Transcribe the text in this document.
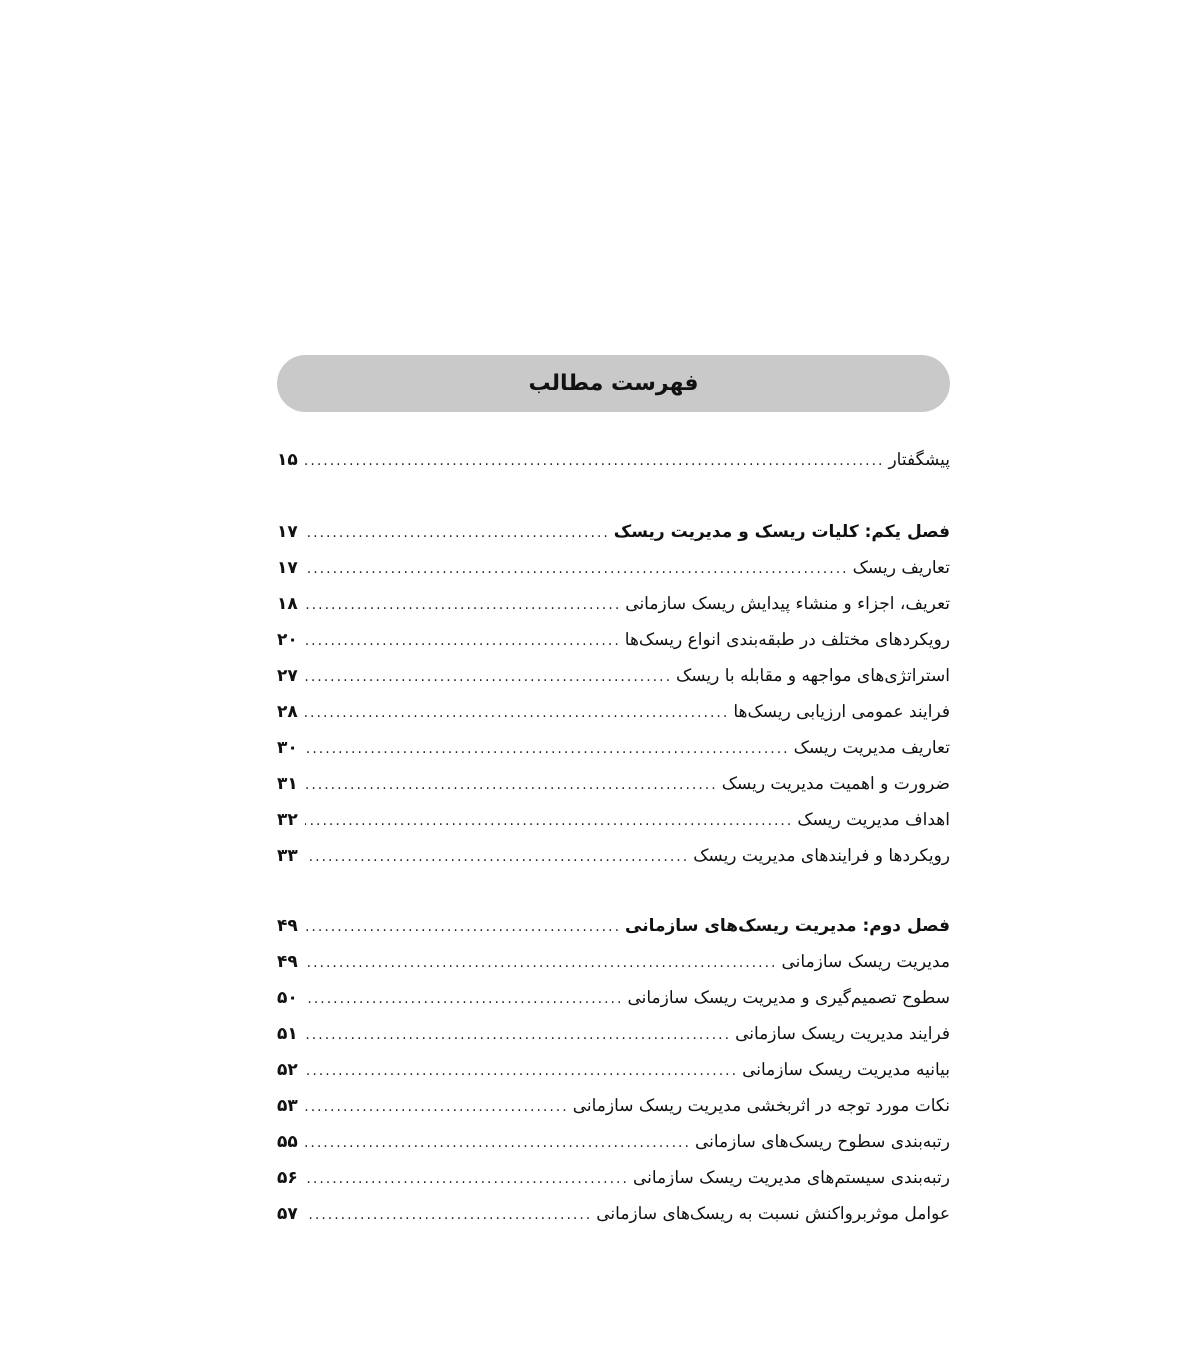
فهرست مطالب
پیشگفتار
.....
۱۵
فصل یکم: کلیات ریسک و مدیریت ریسک
.....
۱۷
تعاریف ریسک
.....
۱۷
تعریف، اجزاء و منشاء پیدایش ریسک سازمانی
.....
۱۸
رویکردهای مختلف در طبقه‌بندی انواع ریسک‌ها
.....
۲۰
استراتژی‌های مواجهه و مقابله با ریسک
.....
۲۷
فرایند عمومی ارزیابی ریسک‌ها
.....
۲۸
تعاریف مدیریت ریسک
.....
۳۰
ضرورت و اهمیت مدیریت ریسک
.....
۳۱
اهداف مدیریت ریسک
.....
۳۲
رویکردها و فرایندهای مدیریت ریسک
.....
۳۳
فصل دوم: مدیریت ریسک‌های سازمانی
.....
۴۹
مدیریت ریسک سازمانی
.....
۴۹
سطوح تصمیم‌گیری و مدیریت ریسک سازمانی
.....
۵۰
فرایند مدیریت ریسک سازمانی
.....
۵۱
بیانیه مدیریت ریسک سازمانی
.....
۵۲
نکات مورد توجه در اثربخشی مدیریت ریسک سازمانی
.....
۵۳
رتبه‌بندی سطوح ریسک‌های سازمانی
.....
۵۵
رتبه‌بندی سیستم‌های مدیریت ریسک سازمانی
.....
۵۶
عوامل موثربرواکنش نسبت به ریسک‌های سازمانی
.....
۵۷
